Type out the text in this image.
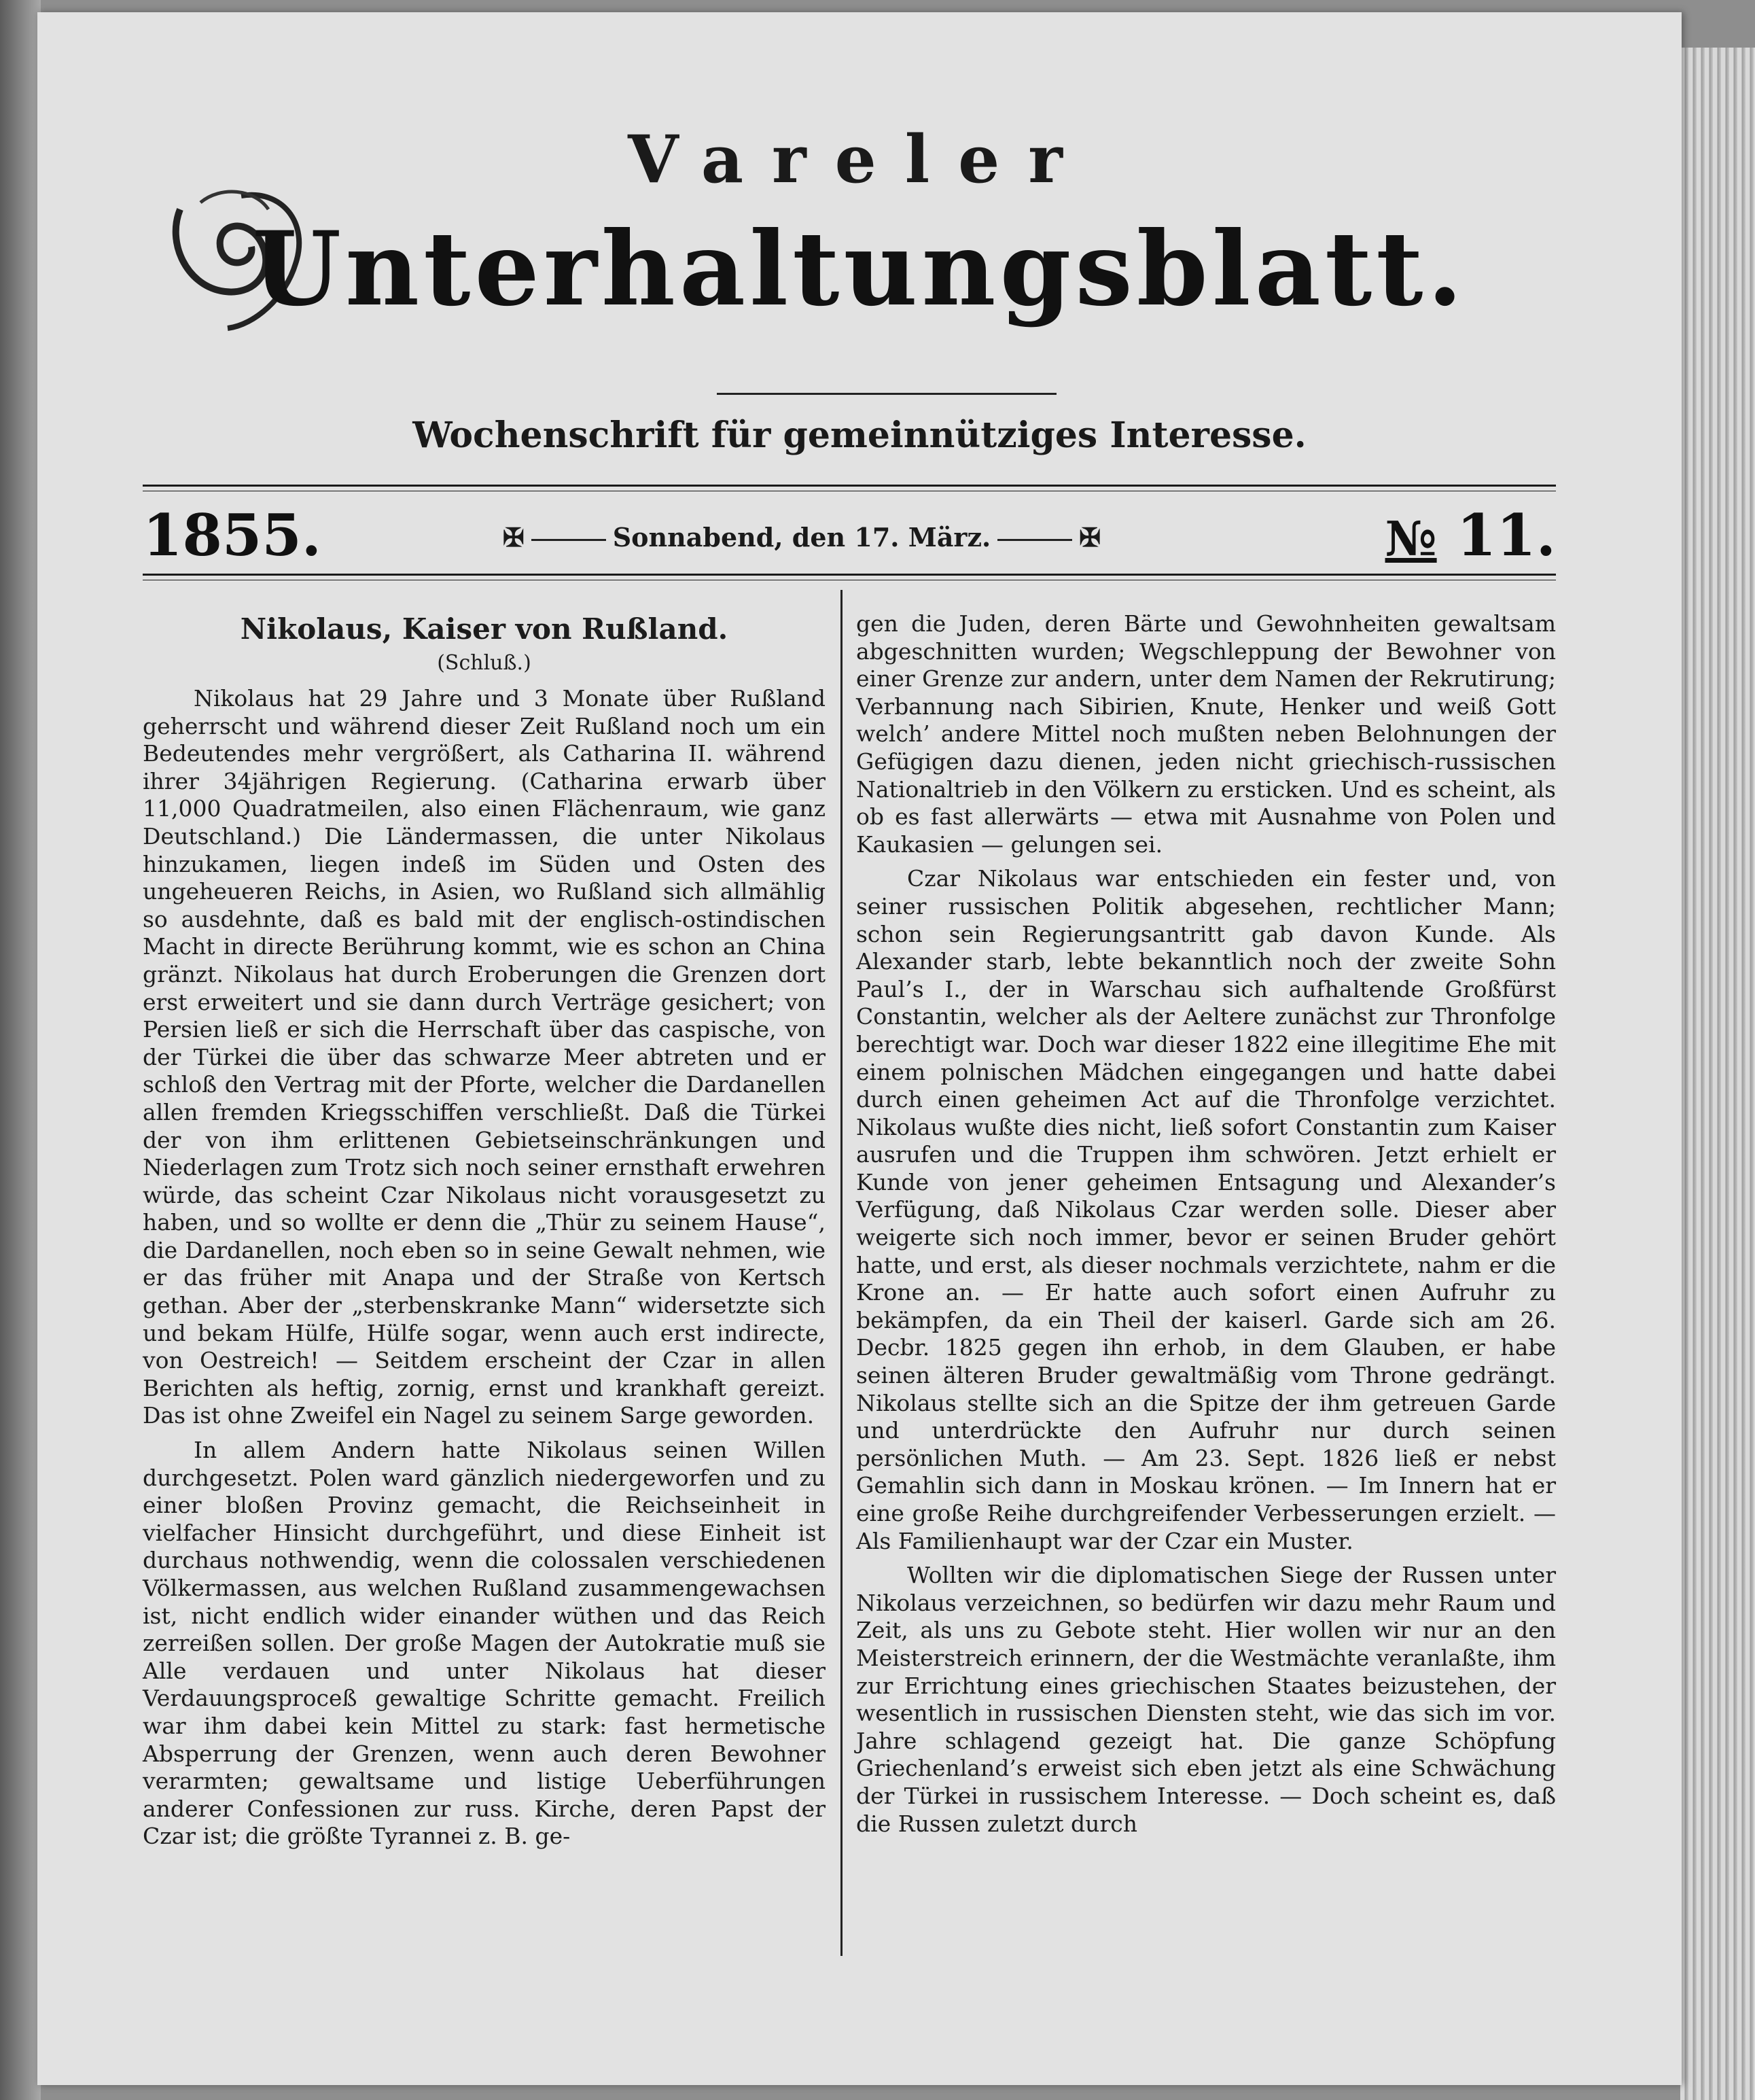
Vareler
Unterhaltungsblatt.
Wochenschrift für gemeinnütziges Interesse.
1855.	✠	Sonnabend, den 17. März.	✠	№ 11.
Nikolaus, Kaiser von Rußland.
(Schluß.)

Nikolaus hat 29 Jahre und 3 Monate über Rußland geherrscht und während dieser Zeit Rußland noch um ein Bedeutendes mehr vergrößert, als Catharina II. während ihrer 34jährigen Regierung. (Catharina erwarb über 11,000 Quadratmeilen, also einen Flächenraum, wie ganz Deutschland.) Die Ländermassen, die unter Nikolaus hinzukamen, liegen indeß im Süden und Osten des ungeheueren Reichs, in Asien, wo Rußland sich allmählig so ausdehnte, daß es bald mit der englisch-ostindischen Macht in directe Berührung kommt, wie es schon an China gränzt. Nikolaus hat durch Eroberungen die Grenzen dort erst erweitert und sie dann durch Verträge gesichert; von Persien ließ er sich die Herrschaft über das caspische, von der Türkei die über das schwarze Meer abtreten und er schloß den Vertrag mit der Pforte, welcher die Dardanellen allen fremden Kriegsschiffen verschließt. Daß die Türkei der von ihm erlittenen Gebietseinschränkungen und Niederlagen zum Trotz sich noch seiner ernsthaft erwehren würde, das scheint Czar Nikolaus nicht vorausgesetzt zu haben, und so wollte er denn die „Thür zu seinem Hause“, die Dardanellen, noch eben so in seine Gewalt nehmen, wie er das früher mit Anapa und der Straße von Kertsch gethan. Aber der „sterbenskranke Mann“ widersetzte sich und bekam Hülfe, Hülfe sogar, wenn auch erst indirecte, von Oestreich! — Seitdem erscheint der Czar in allen Berichten als heftig, zornig, ernst und krankhaft gereizt. Das ist ohne Zweifel ein Nagel zu seinem Sarge geworden.

In allem Andern hatte Nikolaus seinen Willen durchgesetzt. Polen ward gänzlich niedergeworfen und zu einer bloßen Provinz gemacht, die Reichseinheit in vielfacher Hinsicht durchgeführt, und diese Einheit ist durchaus nothwendig, wenn die colossalen verschiedenen Völkermassen, aus welchen Rußland zusammengewachsen ist, nicht endlich wider einander wüthen und das Reich zerreißen sollen. Der große Magen der Autokratie muß sie Alle verdauen und unter Nikolaus hat dieser Verdauungsproceß gewaltige Schritte gemacht. Freilich war ihm dabei kein Mittel zu stark: fast hermetische Absperrung der Grenzen, wenn auch deren Bewohner verarmten; gewaltsame und listige Ueberführungen anderer Confessionen zur russ. Kirche, deren Papst der Czar ist; die größte Tyrannei z. B. ge-

gen die Juden, deren Bärte und Gewohnheiten gewaltsam abgeschnitten wurden; Wegschleppung der Bewohner von einer Grenze zur andern, unter dem Namen der Rekrutirung; Verbannung nach Sibirien, Knute, Henker und weiß Gott welch’ andere Mittel noch mußten neben Belohnungen der Gefügigen dazu dienen, jeden nicht griechisch-russischen Nationaltrieb in den Völkern zu ersticken. Und es scheint, als ob es fast allerwärts — etwa mit Ausnahme von Polen und Kaukasien — gelungen sei.

Czar Nikolaus war entschieden ein fester und, von seiner russischen Politik abgesehen, rechtlicher Mann; schon sein Regierungsantritt gab davon Kunde. Als Alexander starb, lebte bekanntlich noch der zweite Sohn Paul’s I., der in Warschau sich aufhaltende Großfürst Constantin, welcher als der Aeltere zunächst zur Thronfolge berechtigt war. Doch war dieser 1822 eine illegitime Ehe mit einem polnischen Mädchen eingegangen und hatte dabei durch einen geheimen Act auf die Thronfolge verzichtet. Nikolaus wußte dies nicht, ließ sofort Constantin zum Kaiser ausrufen und die Truppen ihm schwören. Jetzt erhielt er Kunde von jener geheimen Entsagung und Alexander’s Verfügung, daß Nikolaus Czar werden solle. Dieser aber weigerte sich noch immer, bevor er seinen Bruder gehört hatte, und erst, als dieser nochmals verzichtete, nahm er die Krone an. — Er hatte auch sofort einen Aufruhr zu bekämpfen, da ein Theil der kaiserl. Garde sich am 26. Decbr. 1825 gegen ihn erhob, in dem Glauben, er habe seinen älteren Bruder gewaltmäßig vom Throne gedrängt. Nikolaus stellte sich an die Spitze der ihm getreuen Garde und unterdrückte den Aufruhr nur durch seinen persönlichen Muth. — Am 23. Sept. 1826 ließ er nebst Gemahlin sich dann in Moskau krönen. — Im Innern hat er eine große Reihe durchgreifender Verbesserungen erzielt. — Als Familienhaupt war der Czar ein Muster.

Wollten wir die diplomatischen Siege der Russen unter Nikolaus verzeichnen, so bedürfen wir dazu mehr Raum und Zeit, als uns zu Gebote steht. Hier wollen wir nur an den Meisterstreich erinnern, der die Westmächte veranlaßte, ihm zur Errichtung eines griechischen Staates beizustehen, der wesentlich in russischen Diensten steht, wie das sich im vor. Jahre schlagend gezeigt hat. Die ganze Schöpfung Griechenland’s erweist sich eben jetzt als eine Schwächung der Türkei in russischem Interesse. — Doch scheint es, daß die Russen zuletzt durch
